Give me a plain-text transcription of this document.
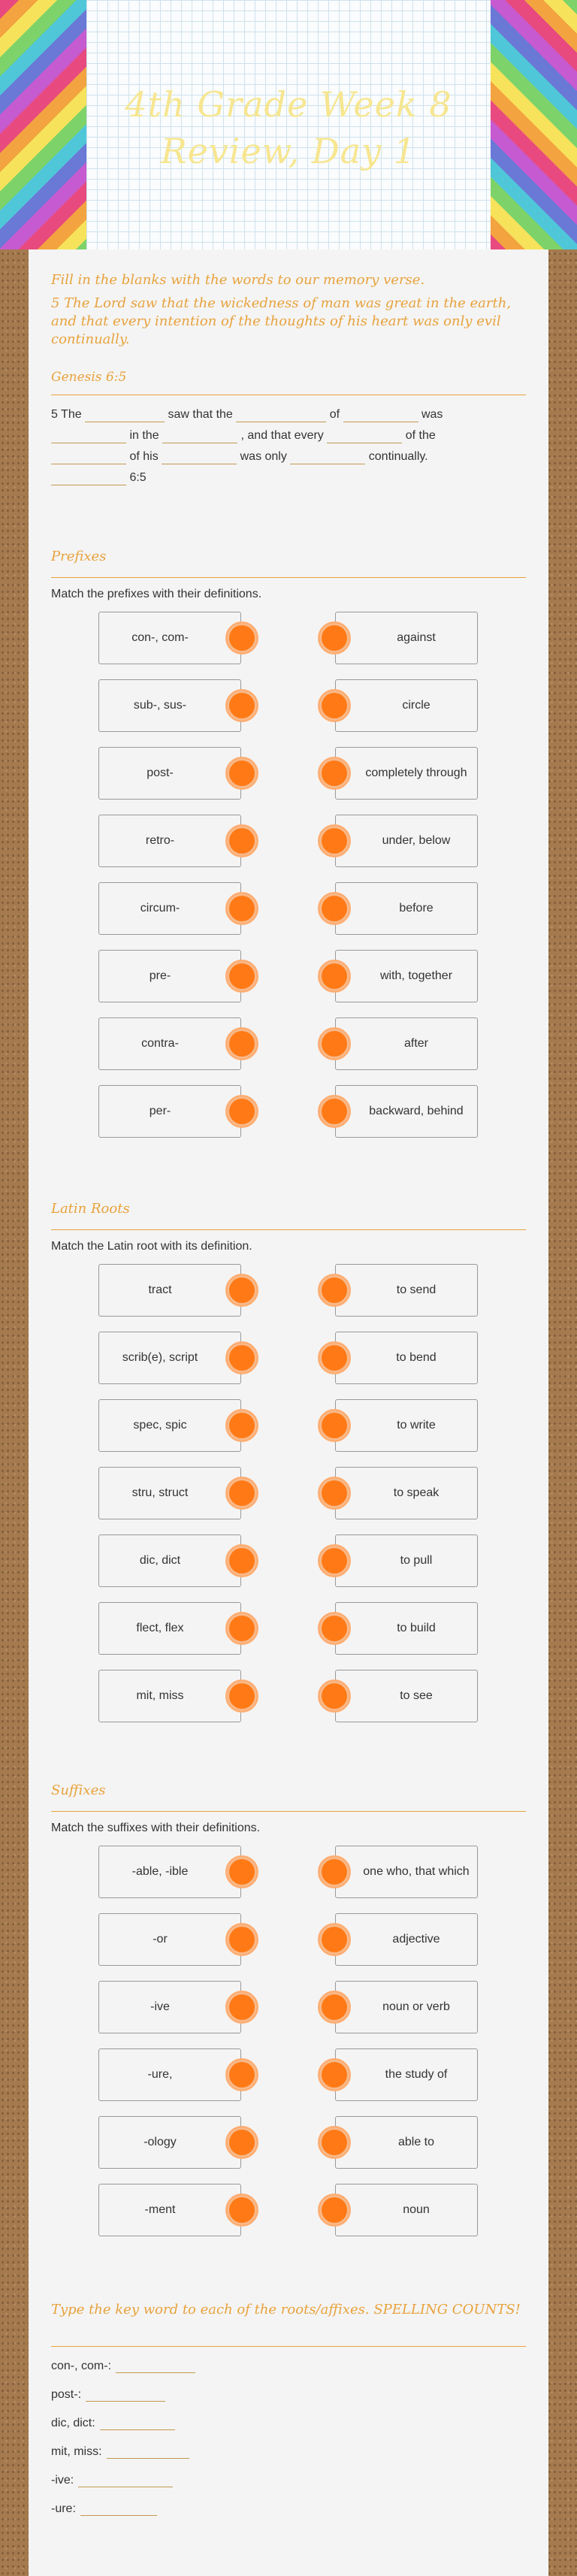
4th Grade Week 8 Review, Day 1
Fill in the blanks with the words to our memory verse.
5 The Lord saw that the wickedness of man was great in the earth, and that every intention of the thoughts of his heart was only evil continually.
Genesis 6:5
5 The	saw that the	of	was
in the	, and that every	of the
of his	was only	continually.
6:5
Prefixes
Match the prefixes with their definitions.
Latin Roots
Match the Latin root with its definition.
Suffixes
Match the suffixes with their definitions.
Type the key word to each of the roots/affixes. SPELLING COUNTS!
con-, com-:
post-:
dic, dict:
mit, miss:
-ive:
-ure:
con-, com-	against
sub-, sus-	circle
post-	completely through
retro-	under, below
circum-	before
pre-	with, together
contra-	after
per-	backward, behind
tract	to send
scrib(e), script	to bend
spec, spic	to write
stru, struct	to speak
dic, dict	to pull
flect, flex	to build
mit, miss	to see
-able, -ible	one who, that which
-or	adjective
-ive	noun or verb
-ure,	the study of
-ology	able to
-ment	noun
